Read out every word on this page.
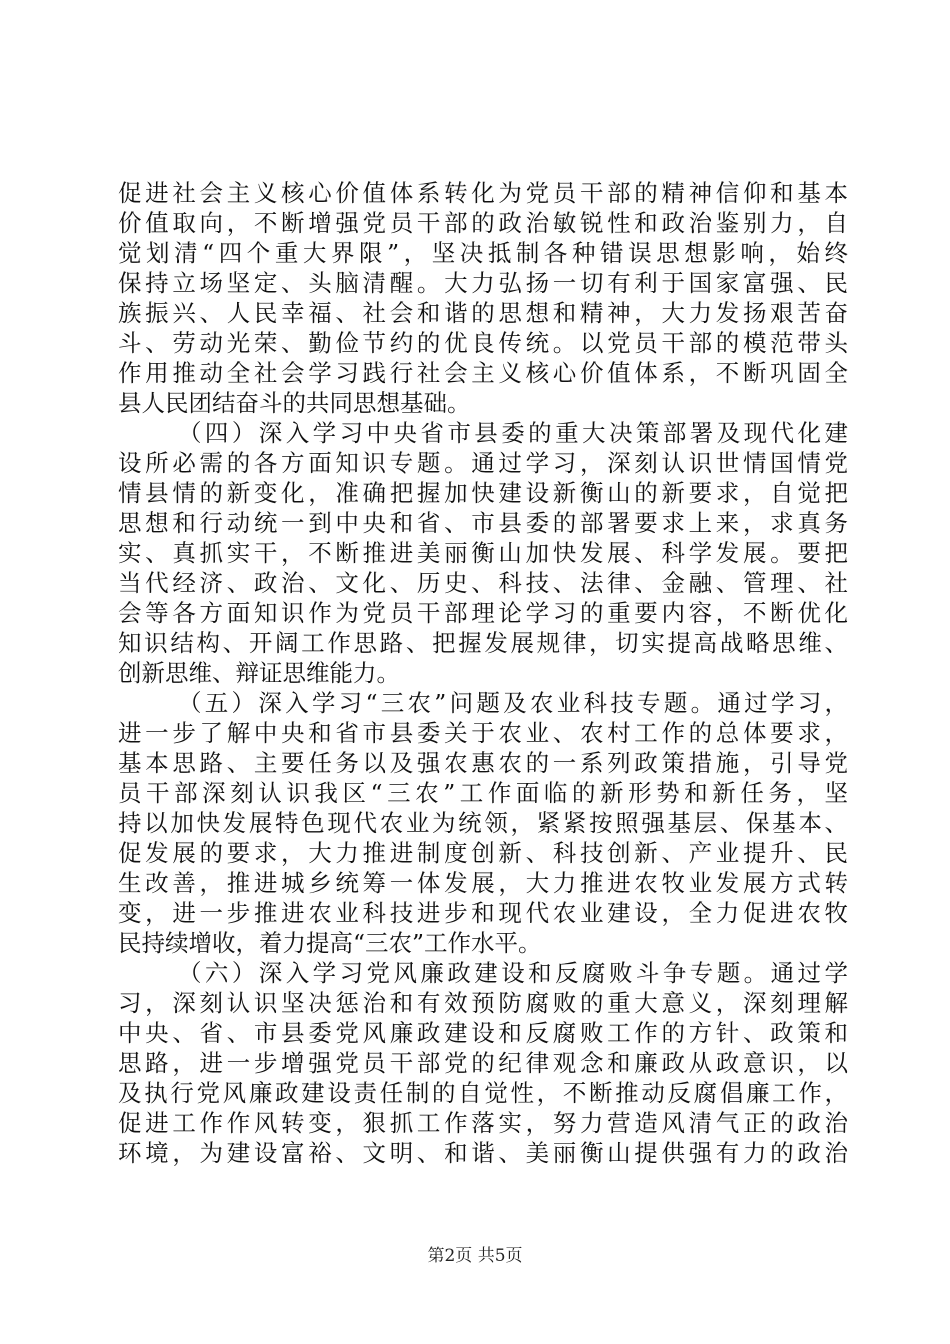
促进社会主义核心价值体系转化为党员干部的精神信仰和基本
价值取向，不断增强党员干部的政治敏锐性和政治鉴别力，自
觉划清“四个重大界限”，坚决抵制各种错误思想影响，始终
保持立场坚定、头脑清醒。大力弘扬一切有利于国家富强、民
族振兴、人民幸福、社会和谐的思想和精神，大力发扬艰苦奋
斗、劳动光荣、勤俭节约的优良传统。以党员干部的模范带头
作用推动全社会学习践行社会主义核心价值体系，不断巩固全
县人民团结奋斗的共同思想基础。
（四）深入学习中央省市县委的重大决策部署及现代化建
设所必需的各方面知识专题。通过学习，深刻认识世情国情党
情县情的新变化，准确把握加快建设新衡山的新要求，自觉把
思想和行动统一到中央和省、市县委的部署要求上来，求真务
实、真抓实干，不断推进美丽衡山加快发展、科学发展。要把
当代经济、政治、文化、历史、科技、法律、金融、管理、社
会等各方面知识作为党员干部理论学习的重要内容，不断优化
知识结构、开阔工作思路、把握发展规律，切实提高战略思维、
创新思维、辩证思维能力。
（五）深入学习“三农”问题及农业科技专题。通过学习，
进一步了解中央和省市县委关于农业、农村工作的总体要求，
基本思路、主要任务以及强农惠农的一系列政策措施，引导党
员干部深刻认识我区“三农”工作面临的新形势和新任务，坚
持以加快发展特色现代农业为统领，紧紧按照强基层、保基本、
促发展的要求，大力推进制度创新、科技创新、产业提升、民
生改善，推进城乡统筹一体发展，大力推进农牧业发展方式转
变，进一步推进农业科技进步和现代农业建设，全力促进农牧
民持续增收，着力提高“三农”工作水平。
（六）深入学习党风廉政建设和反腐败斗争专题。通过学
习，深刻认识坚决惩治和有效预防腐败的重大意义，深刻理解
中央、省、市县委党风廉政建设和反腐败工作的方针、政策和
思路，进一步增强党员干部党的纪律观念和廉政从政意识，以
及执行党风廉政建设责任制的自觉性，不断推动反腐倡廉工作，
促进工作作风转变，狠抓工作落实，努力营造风清气正的政治
环境，为建设富裕、文明、和谐、美丽衡山提供强有力的政治
第2页 共5页
